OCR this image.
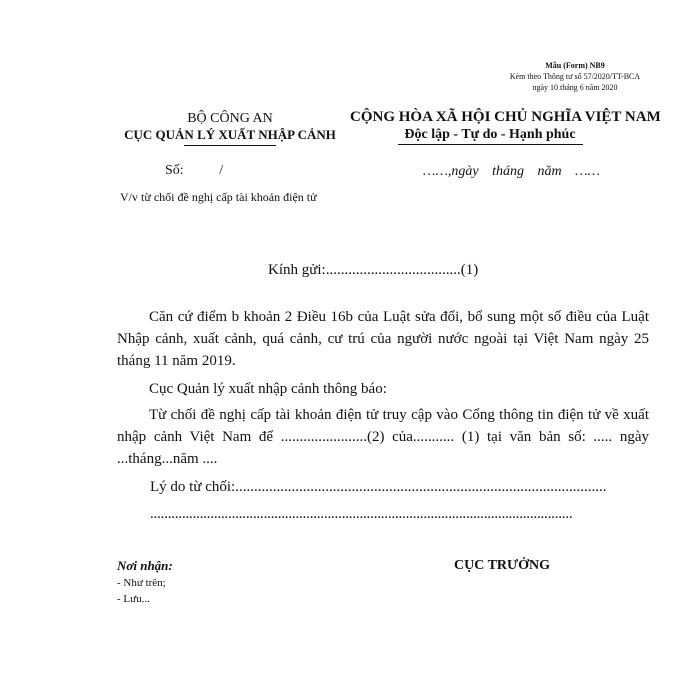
Mẫu (Form) NB9
Kèm theo Thông tư số 57/2020/TT-BCA
ngày 10 tháng 6 năm 2020
BỘ CÔNG AN
CỤC QUẢN LÝ XUẤT NHẬP CẢNH
CỘNG HÒA XÃ HỘI CHỦ NGHĨA VIỆT NAM
Độc lập - Tự do - Hạnh phúc
Số:	/	……,ngày tháng năm ……
V/v từ chối đề nghị cấp tài khoản điện tử
Kính gửi:....................................(1)
Căn cứ điểm b khoản 2 Điều 16b của Luật sửa đổi, bổ sung một số điều của Luật Nhập cảnh, xuất cảnh, quá cảnh, cư trú của người nước ngoài tại Việt Nam ngày 25 tháng 11 năm 2019.
Cục Quản lý xuất nhập cảnh thông báo:
Từ chối đề nghị cấp tài khoản điện tử truy cập vào Cổng thông tin điện tử về xuất nhập cảnh Việt Nam để .......................(2) của........... (1) tại văn bản số: ..... ngày ...tháng...năm ....
Lý do từ chối:...................................................................................................
.......................................................................................................................
Nơi nhận:
- Như trên;
- Lưu...
CỤC TRƯỞNG
